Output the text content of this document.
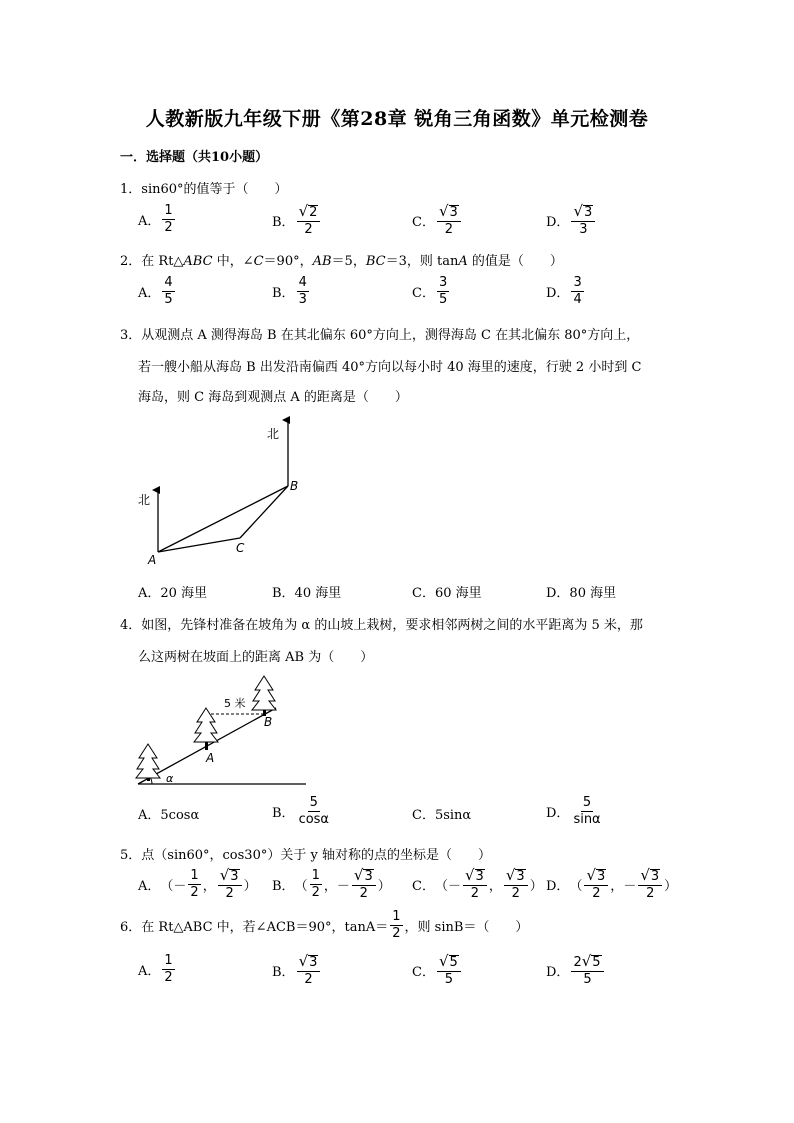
人教新版九年级下册《第28章 锐角三角函数》单元检测卷
一．选择题（共10小题）
1．sin60°的值等于（　　）
A． $\frac{1}{2}$	B． $\frac{√ 2}{2}$	C． $\frac{√ 3}{2}$	D． $\frac{√ 3}{3}$
2．在 Rt△ABC 中，∠C＝90°，AB＝5，BC＝3，则 tanA 的值是（　　）
A． $\frac{4}{5}$	B． $\frac{4}{3}$	C． $\frac{3}{5}$	D． $\frac{3}{4}$
3．从观测点 A 测得海岛 B 在其北偏东 60°方向上，测得海岛 C 在其北偏东 80°方向上，
若一艘小船从海岛 B 出发沿南偏西 40°方向以每小时 40 海里的速度，行驶 2 小时到 C
海岛，则 C 海岛到观测点 A 的距离是（　　）
北
北
A
B
C
A．20 海里	B．40 海里	C．60 海里	D．80 海里
4．如图，先锋村准备在坡角为 α 的山坡上栽树，要求相邻两树之间的水平距离为 5 米，那
么这两树在坡面上的距离 AB 为（　　）
5 米
A
B
α
A．5cosα	B． $\frac{5}{\cos\alpha}$	C．5sinα	D． $\frac{5}{\sin\alpha}$
5．点（sin60°，cos30°）关于 y 轴对称的点的坐标是（　　）
A． （ － $\frac{1}{2}$ ， $\frac{√ 3}{2}$ ） B． （ $\frac{1}{2}$ ， － $\frac{√ 3}{2}$ ） C． （ － $\frac{√ 3}{2}$ ， $\frac{√ 3}{2}$ ） D． （ $\frac{√ 3}{2}$ ， － $\frac{√ 3}{2}$ ）
6．在 Rt△ABC 中，若∠ACB＝90°，$\tan A= \frac{1}{2}$ ，则 sinB＝（　　）
A． $\frac{1}{2}$	B． $\frac{√ 3}{2}$	C． $\frac{√ 5}{5}$	D． $\frac{2 √ 5}{5}$
